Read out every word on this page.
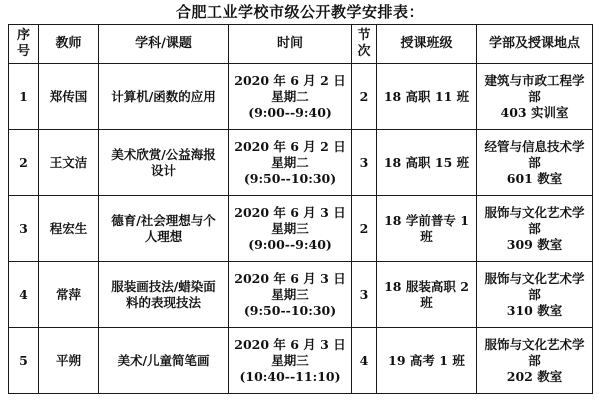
合肥工业学校市级公开教学安排表：
序
号	教师	学科/课题	时间	节
次	授课班级	学部及授课地点
1	郑传国	计算机/函数的应用	2020 年 6 月 2 日
星期二
(9:00--9:40)	2	18 高职 11 班	建筑与市政工程学部
403 实训室

2	王文洁	美术欣赏/公益海报
设计	2020 年 6 月 2 日
星期二
(9:50--10:30)	3	18 高职 15 班	经管与信息技术学部
601 教室

3	程宏生	德育/社会理想与个
人理想	2020 年 6 月 3 日
星期三
(9:00--9:40)	2	18 学前普专 1 班	服饰与文化艺术学部
309 教室

4	常萍	服装画技法/蜡染面
料的表现技法	2020 年 6 月 3 日
星期三
(9:50--10:30)	3	18 服装高职 2 班	服饰与文化艺术学部
310 教室

5	平朔	美术/儿童简笔画	2020 年 6 月 3 日
星期三
(10:40--11:10)	4	19 高考 1 班	服饰与文化艺术学部
202 教室
